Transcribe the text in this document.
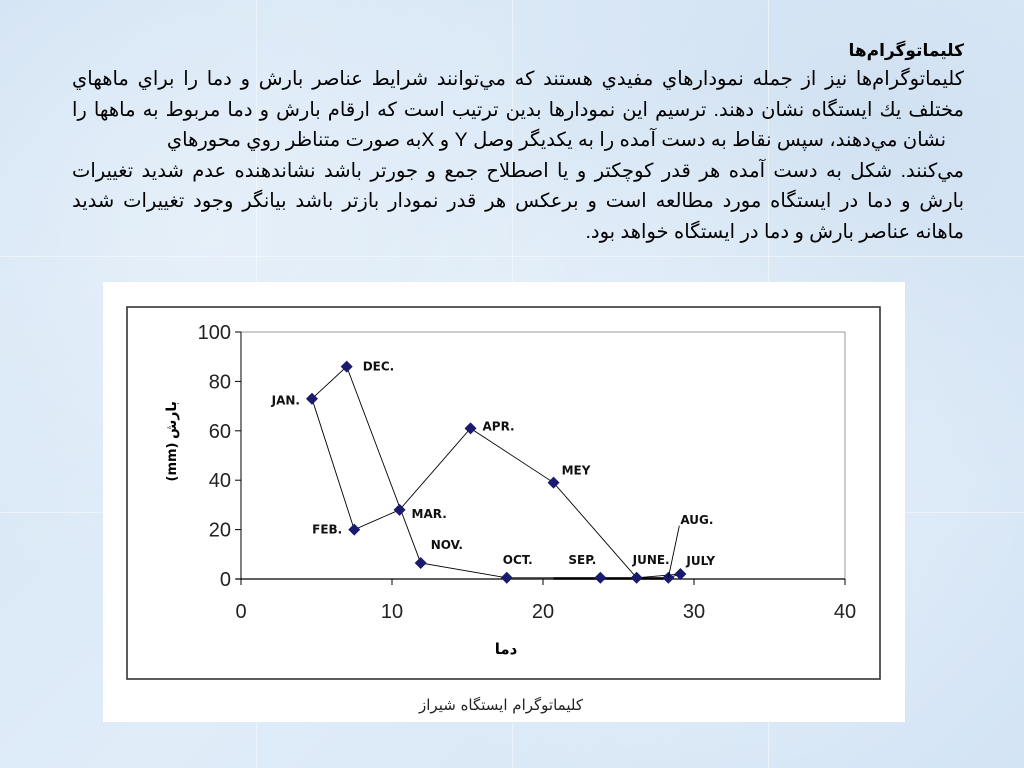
كليماتوگرام‌ها
كليماتوگرام‌ها نيز از جمله نمودارهاي مفيدي هستند كه مي‌توانند شرايط عناصر بارش و دما را براي ماههاي
مختلف يك ايستگاه نشان دهند. ترسيم اين نمودارها بدين ترتيب است كه ارقام بارش و دما مربوط به ماهها را
نشان مي‌دهند، سپس نقاط به دست آمده را به يكديگر وصل Y و Xبه صورت متناظر روي محورهاي
مي‌كنند. شكل به دست آمده هر قدر كوچكتر و يا اصطلاح جمع و جورتر باشد نشاندهنده عدم شديد تغييرات
بارش و دما در ايستگاه مورد مطالعه است و برعكس هر قدر نمودار بازتر باشد بيانگر وجود تغييرات شديد
ماهانه عناصر بارش و دما در ايستگاه خواهد بود.
0
20
40
60
80
100
0	10	20	30	40
JAN.
FEB.
MAR.
APR.
MEY
JUNE. JULY
AUG.
SEP.
OCT.
NOV.
DEC.
دما
(mm)
بارش
كليماتوگرام ايستگاه شيراز
